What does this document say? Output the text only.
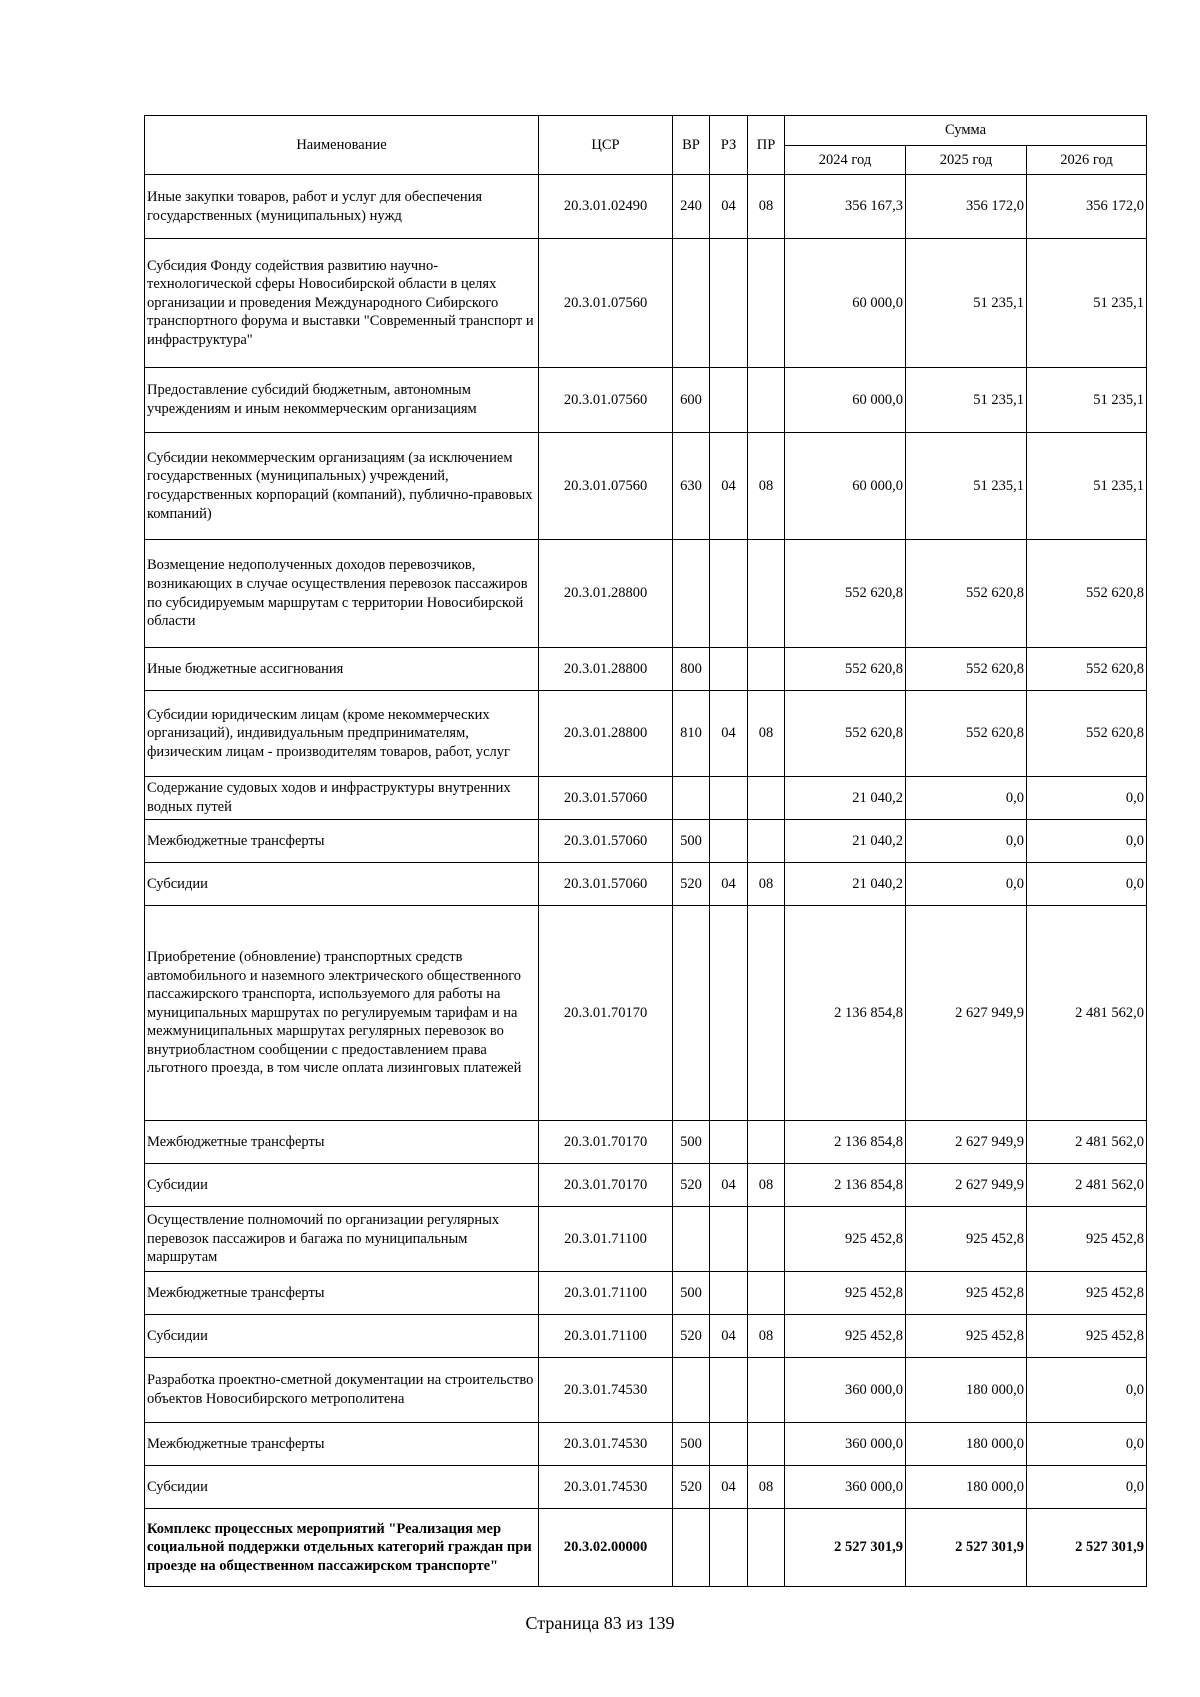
Наименование	ЦСР	ВР	РЗ	ПР	Сумма		
					2024 год	2025 год	2026 год
Иные закупки товаров, работ и услуг для обеспечения государственных (муниципальных) нужд	20.3.01.02490	240	04	08	356 167,3	356 172,0	356 172,0
Субсидия Фонду содействия развитию научно-технологической сферы Новосибирской области в целях организации и проведения Международного Сибирского транспортного форума и выставки "Современный транспорт и инфраструктура"	20.3.01.07560				60 000,0	51 235,1	51 235,1
Предоставление субсидий бюджетным, автономным учреждениям и иным некоммерческим организациям	20.3.01.07560	600			60 000,0	51 235,1	51 235,1
Субсидии некоммерческим организациям (за исключением государственных (муниципальных) учреждений, государственных корпораций (компаний), публично-правовых компаний)	20.3.01.07560	630	04	08	60 000,0	51 235,1	51 235,1
Возмещение недополученных доходов перевозчиков, возникающих в случае осуществления перевозок пассажиров по субсидируемым маршрутам с территории Новосибирской области	20.3.01.28800				552 620,8	552 620,8	552 620,8
Иные бюджетные ассигнования	20.3.01.28800	800			552 620,8	552 620,8	552 620,8
Субсидии юридическим лицам (кроме некоммерческих организаций), индивидуальным предпринимателям, физическим лицам - производителям товаров, работ, услуг	20.3.01.28800	810	04	08	552 620,8	552 620,8	552 620,8
Содержание судовых ходов и инфраструктуры внутренних водных путей	20.3.01.57060				21 040,2	0,0	0,0
Межбюджетные трансферты	20.3.01.57060	500			21 040,2	0,0	0,0
Субсидии	20.3.01.57060	520	04	08	21 040,2	0,0	0,0
Приобретение (обновление) транспортных средств автомобильного и наземного электрического общественного пассажирского транспорта, используемого для работы на муниципальных маршрутах по регулируемым тарифам и на межмуниципальных маршрутах регулярных перевозок во внутриобластном сообщении с предоставлением права льготного проезда, в том числе оплата лизинговых платежей	20.3.01.70170				2 136 854,8	2 627 949,9	2 481 562,0
Межбюджетные трансферты	20.3.01.70170	500			2 136 854,8	2 627 949,9	2 481 562,0
Субсидии	20.3.01.70170	520	04	08	2 136 854,8	2 627 949,9	2 481 562,0
Осуществление полномочий по организации регулярных перевозок пассажиров и багажа по муниципальным маршрутам	20.3.01.71100				925 452,8	925 452,8	925 452,8
Межбюджетные трансферты	20.3.01.71100	500			925 452,8	925 452,8	925 452,8
Субсидии	20.3.01.71100	520	04	08	925 452,8	925 452,8	925 452,8
Разработка проектно-сметной документации на строительство объектов Новосибирского метрополитена	20.3.01.74530				360 000,0	180 000,0	0,0
Межбюджетные трансферты	20.3.01.74530	500			360 000,0	180 000,0	0,0
Субсидии	20.3.01.74530	520	04	08	360 000,0	180 000,0	0,0
Комплекс процессных мероприятий "Реализация мер социальной поддержки отдельных категорий граждан при проезде на общественном пассажирском транспорте"	20.3.02.00000				2 527 301,9	2 527 301,9	2 527 301,9
Страница 83 из 139
